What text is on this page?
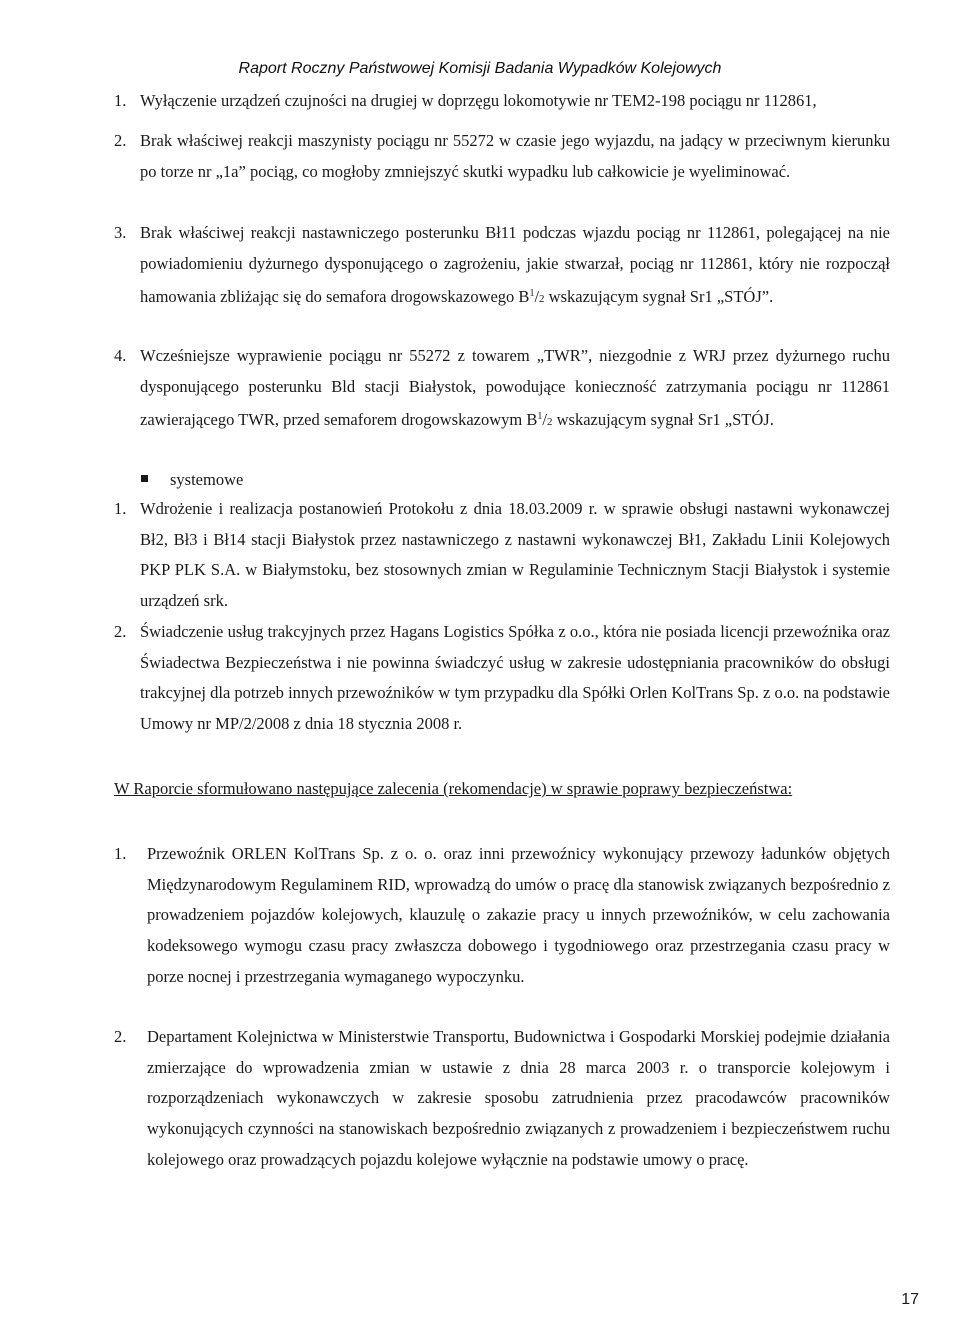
Raport Roczny Państwowej Komisji Badania Wypadków Kolejowych
1. Wyłączenie urządzeń czujności na drugiej w doprzęgu lokomotywie nr TEM2-198 pociągu nr 112861,
2. Brak właściwej reakcji maszynisty pociągu nr 55272 w czasie jego wyjazdu, na jadący w przeciwnym kierunku po torze nr „1a” pociąg, co mogłoby zmniejszyć skutki wypadku lub całkowicie je wyeliminować.
3. Brak właściwej reakcji nastawniczego posterunku Bł11 podczas wjazdu pociąg nr 112861, polegającej na nie powiadomieniu dyżurnego dysponującego o zagrożeniu, jakie stwarzał, pociąg nr 112861, który nie rozpoczął hamowania zbliżając się do semafora drogowskazowego $B^1/2$ wskazującym sygnał Sr1 „STÓJ”.
4. Wcześniejsze wyprawienie pociągu nr 55272 z towarem „TWR”, niezgodnie z WRJ przez dyżurnego ruchu dysponującego posterunku Bld stacji Białystok, powodujące konieczność zatrzymania pociągu nr 112861 zawierającego TWR, przed semaforem drogowskazowym $B^1/2$ wskazującym sygnał Sr1 „STÓJ.
systemowe
1. Wdrożenie i realizacja postanowień Protokołu z dnia 18.03.2009 r. w sprawie obsługi nastawni wykonawczej Bł2, Bł3 i Bł14 stacji Białystok przez nastawniczego z nastawni wykonawczej Bł1, Zakładu Linii Kolejowych PKP PLK S.A. w Białymstoku, bez stosownych zmian w Regulaminie Technicznym Stacji Białystok i systemie urządzeń srk.
2. Świadczenie usług trakcyjnych przez Hagans Logistics Spółka z o.o., która nie posiada licencji przewoźnika oraz Świadectwa Bezpieczeństwa i nie powinna świadczyć usług w zakresie udostępniania pracowników do obsługi trakcyjnej dla potrzeb innych przewoźników w tym przypadku dla Spółki Orlen KolTrans Sp. z o.o. na podstawie Umowy nr MP/2/2008 z dnia 18 stycznia 2008 r.
W Raporcie sformułowano następujące zalecenia (rekomendacje) w sprawie poprawy bezpieczeństwa:
1. Przewoźnik ORLEN KolTrans Sp. z o. o. oraz inni przewoźnicy wykonujący przewozy ładunków objętych Międzynarodowym Regulaminem RID, wprowadzą do umów o pracę dla stanowisk związanych bezpośrednio z prowadzeniem pojazdów kolejowych, klauzulę o zakazie pracy u innych przewoźników, w celu zachowania kodeksowego wymogu czasu pracy zwłaszcza dobowego i tygodniowego oraz przestrzegania czasu pracy w porze nocnej i przestrzegania wymaganego wypoczynku.
2. Departament Kolejnictwa w Ministerstwie Transportu, Budownictwa i Gospodarki Morskiej podejmie działania zmierzające do wprowadzenia zmian w ustawie z dnia 28 marca 2003 r. o transporcie kolejowym i rozporządzeniach wykonawczych w zakresie sposobu zatrudnienia przez pracodawców pracowników wykonujących czynności na stanowiskach bezpośrednio związanych z prowadzeniem i bezpieczeństwem ruchu kolejowego oraz prowadzących pojazdu kolejowe wyłącznie na podstawie umowy o pracę.
17
